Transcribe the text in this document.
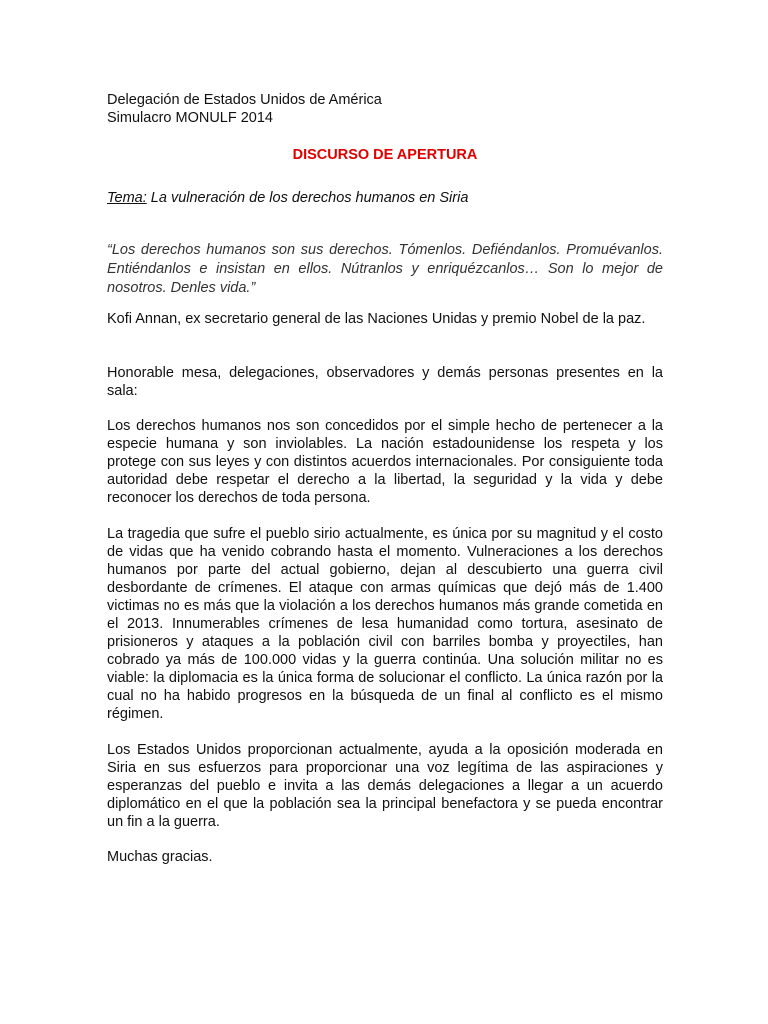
Delegación de Estados Unidos de América

Simulacro MONULF 2014

DISCURSO DE APERTURA

Tema: La vulneración de los derechos humanos en Siria

“Los derechos humanos son sus derechos. Tómenlos. Defiéndanlos. Promuévanlos. Entiéndanlos e insistan en ellos. Nútranlos y enriquézcanlos… Son lo mejor de nosotros. Denles vida.”

Kofi Annan, ex secretario general de las Naciones Unidas y premio Nobel de la paz.

Honorable mesa, delegaciones, observadores y demás personas presentes en la sala:

Los derechos humanos nos son concedidos por el simple hecho de pertenecer a la especie humana y son inviolables. La nación estadounidense los respeta y los protege con sus leyes y con distintos acuerdos internacionales. Por consiguiente toda autoridad debe respetar el derecho a la libertad, la seguridad y la vida y debe reconocer los derechos de toda persona.

La tragedia que sufre el pueblo sirio actualmente, es única por su magnitud y el costo de vidas que ha venido cobrando hasta el momento. Vulneraciones a los derechos humanos por parte del actual gobierno, dejan al descubierto una guerra civil desbordante de crímenes. El ataque con armas químicas que dejó más de 1.400 victimas no es más que la violación a los derechos humanos más grande cometida en el 2013. Innumerables crímenes de lesa humanidad como tortura, asesinato de prisioneros y ataques a la población civil con barriles bomba y proyectiles, han cobrado ya más de 100.000 vidas y la guerra continúa. Una solución militar no es viable: la diplomacia es la única forma de solucionar el conflicto. La única razón por la cual no ha habido progresos en la búsqueda de un final al conflicto es el mismo régimen.

Los Estados Unidos proporcionan actualmente, ayuda a la oposición moderada en Siria en sus esfuerzos para proporcionar una voz legítima de las aspiraciones y esperanzas del pueblo e invita a las demás delegaciones a llegar a un acuerdo diplomático en el que la población sea la principal benefactora y se pueda encontrar un fin a la guerra.

Muchas gracias.
